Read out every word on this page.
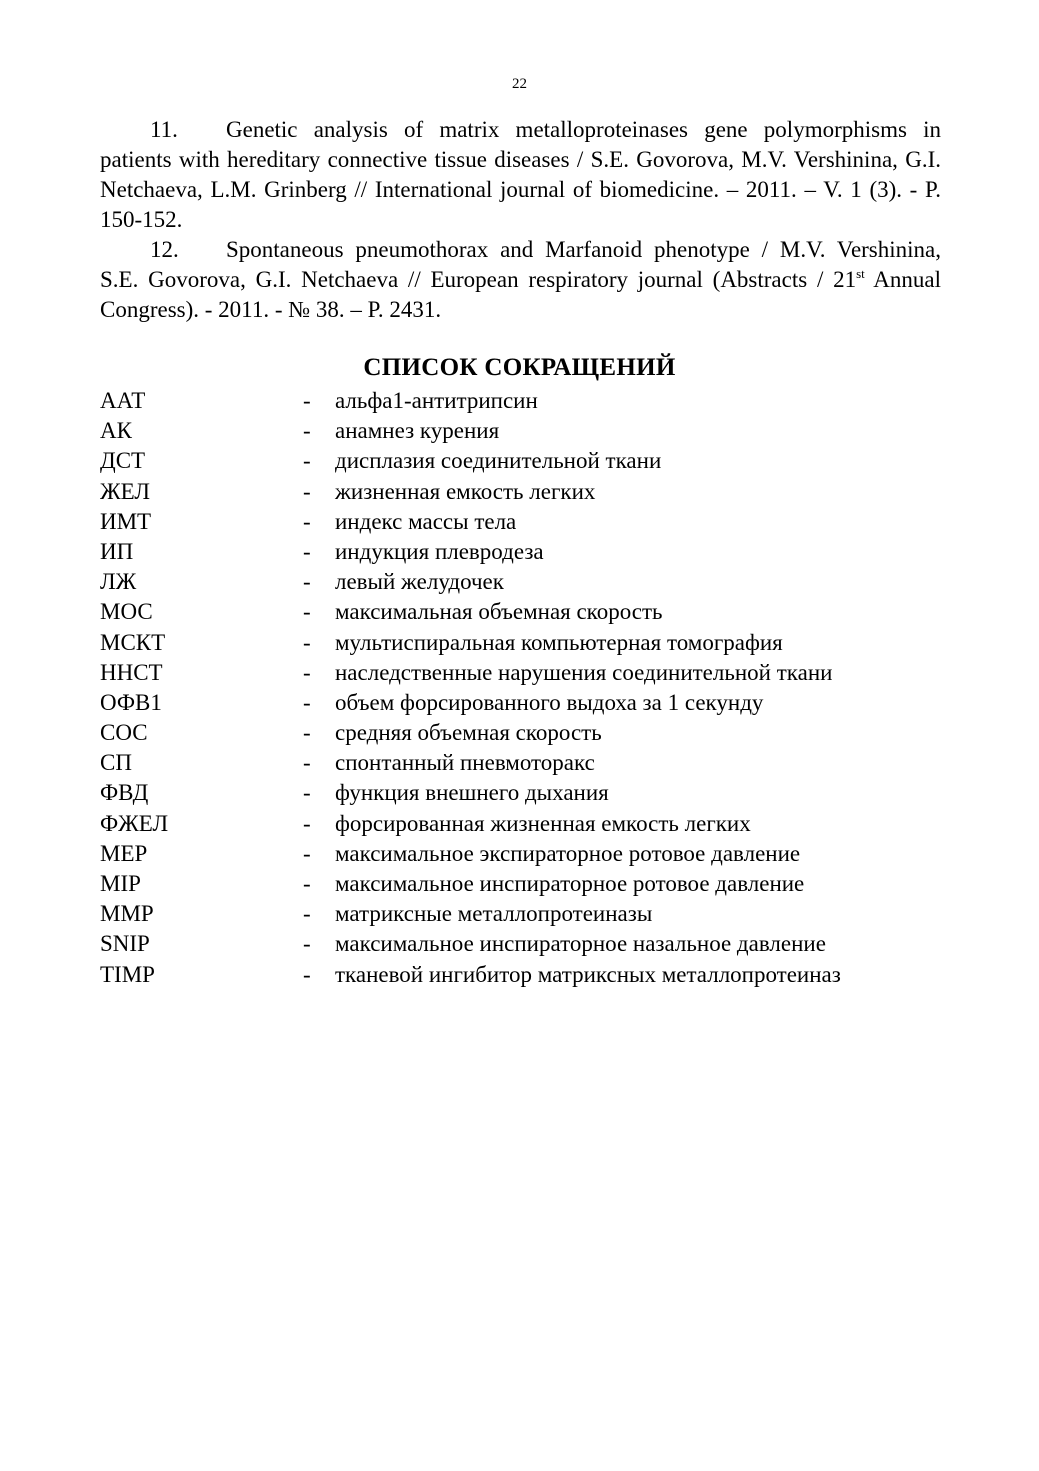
22

11. Genetic analysis of matrix metalloproteinases gene polymorphisms in patients with hereditary connective tissue diseases / S.E. Govorova, M.V. Vershinina, G.I. Netchaeva, L.M. Grinberg // International journal of biomedicine. – 2011. – V. 1 (3). - P. 150-152.

12. Spontaneous pneumothorax and Marfanoid phenotype / M.V. Vershinina, S.E. Govorova, G.I. Netchaeva // European respiratory journal (Abstracts / 21st Annual Congress). - 2011. - № 38. – P. 2431.

СПИСОК СОКРАЩЕНИЙ
ААТ	- альфа1-антитрипсин
АК	- анамнез курения
ДСТ	- дисплазия соединительной ткани
ЖЕЛ	- жизненная емкость легких
ИМТ	- индекс массы тела
ИП	- индукция плевродеза
ЛЖ	- левый желудочек
МОС	- максимальная объемная скорость
МСКТ	- мультиспиральная компьютерная томография
ННСТ	- наследственные нарушения соединительной ткани
ОФВ1	- объем форсированного выдоха за 1 секунду
СОС	- средняя объемная скорость
СП	- спонтанный пневмоторакс
ФВД	- функция внешнего дыхания
ФЖЕЛ	- форсированная жизненная емкость легких
MEP	- максимальное экспираторное ротовое давление
MIP	- максимальное инспираторное ротовое давление
MMP	- матриксные металлопротеиназы
SNIP	- максимальное инспираторное назальное давление
TIMP	- тканевой ингибитор матриксных металлопротеиназ
